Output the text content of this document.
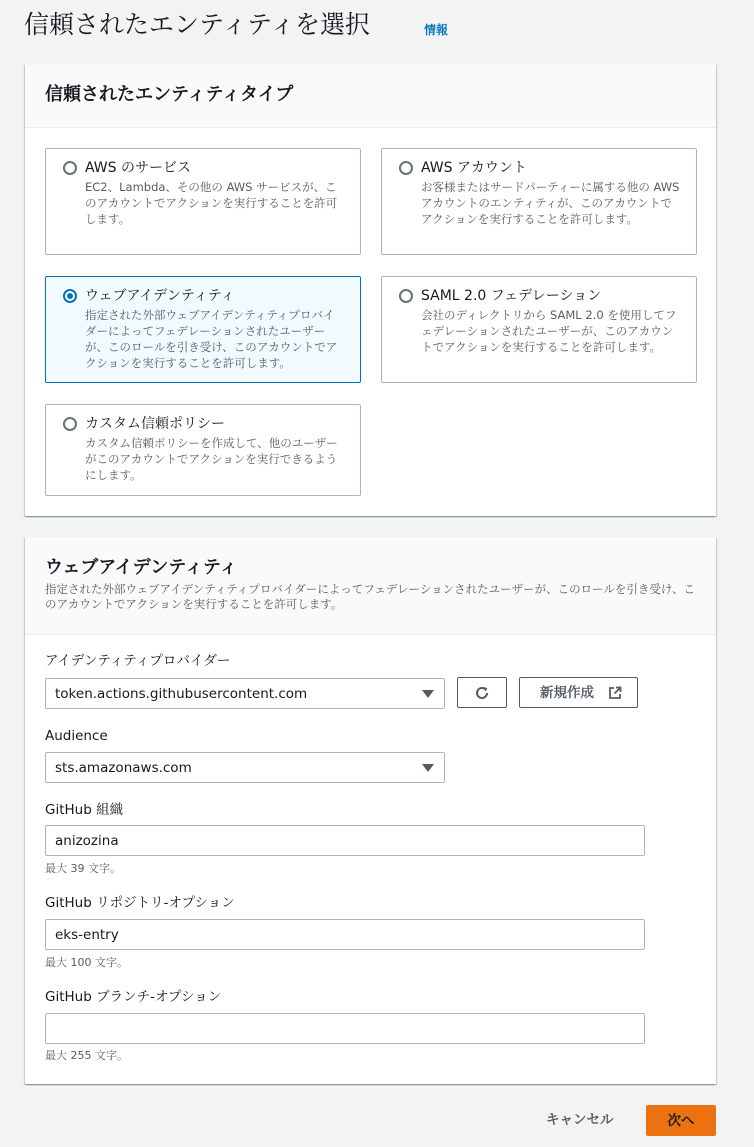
信頼されたエンティティを選択	情報
信頼されたエンティティタイプ
AWS のサービス
EC2、Lambda、その他の AWS サービスが、このアカウントでアクションを実行することを許可します。
AWS アカウント
お客様またはサードパーティーに属する他の AWS アカウントのエンティティが、このアカウントでアクションを実行することを許可します。
ウェブアイデンティティ
指定された外部ウェブアイデンティティプロバイダーによってフェデレーションされたユーザーが、このロールを引き受け、このアカウントでアクションを実行することを許可します。
SAML 2.0 フェデレーション
会社のディレクトリから SAML 2.0 を使用してフェデレーションされたユーザーが、このアカウントでアクションを実行することを許可します。
カスタム信頼ポリシー
カスタム信頼ポリシーを作成して、他のユーザーがこのアカウントでアクションを実行できるようにします。
ウェブアイデンティティ
指定された外部ウェブアイデンティティプロバイダーによってフェデレーションされたユーザーが、このロールを引き受け、このアカウントでアクションを実行することを許可します。
アイデンティティプロバイダー
token.actions.githubusercontent.com	新規作成
Audience
sts.amazonaws.com
GitHub 組織
anizozina
最大 39 文字。
GitHub リポジトリ-オプション
eks-entry
最大 100 文字。
GitHub ブランチ-オプション
最大 255 文字。
キャンセル	次へ
